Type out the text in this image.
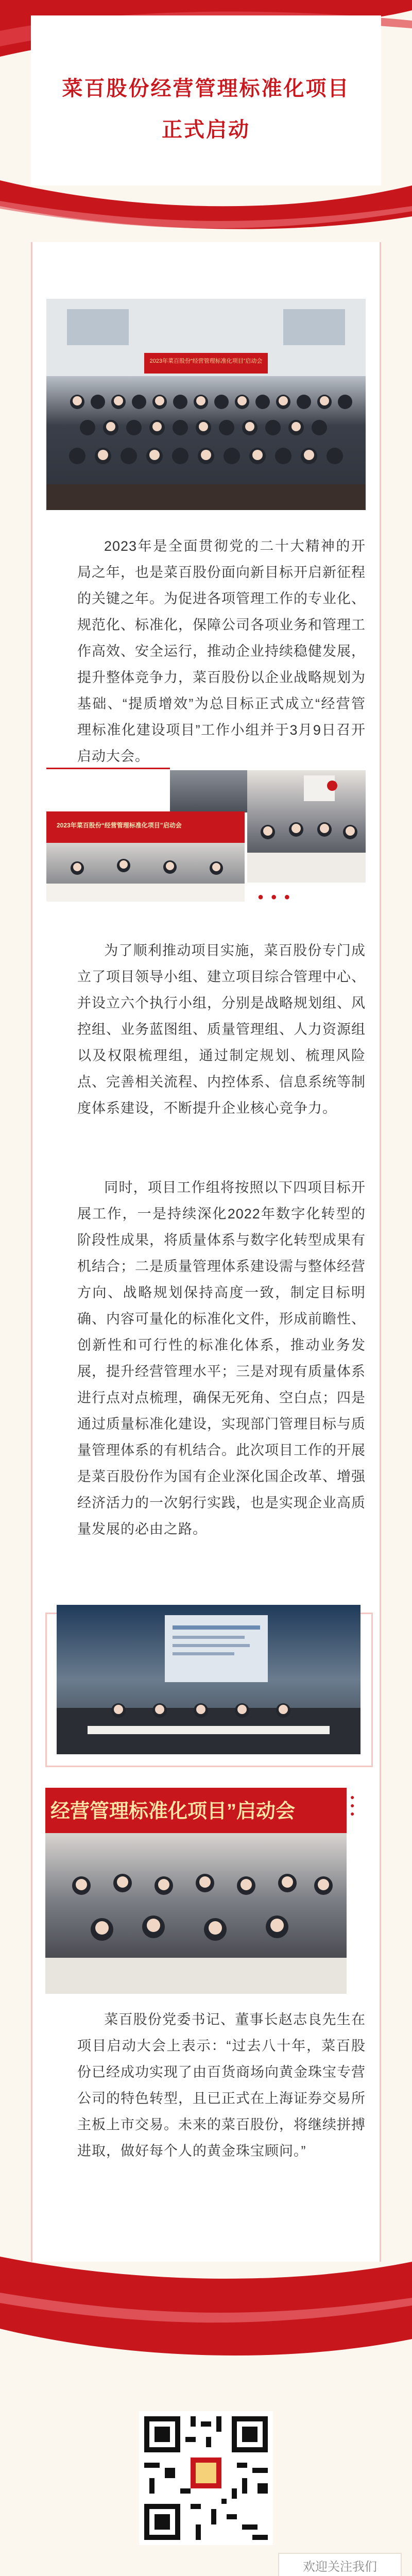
菜百股份经营管理标准化项目
正式启动
2023年菜百股份“经营管理标准化项目”启动会

2023年是全面贯彻党的二十大精神的开局之年，也是菜百股份面向新目标开启新征程的关键之年。为促进各项管理工作的专业化、规范化、标准化，保障公司各项业务和管理工作高效、安全运行，推动企业持续稳健发展，提升整体竞争力，菜百股份以企业战略规划为基础、“提质增效”为总目标正式成立“经营管理标准化建设项目”工作小组并于3月9日召开启动大会。

2023年菜百股份“经营管理标准化项目”启动会
● ● ●

为了顺利推动项目实施，菜百股份专门成立了项目领导小组、建立项目综合管理中心、并设立六个执行小组，分别是战略规划组、风控组、业务蓝图组、质量管理组、人力资源组以及权限梳理组，通过制定规划、梳理风险点、完善相关流程、内控体系、信息系统等制度体系建设，不断提升企业核心竞争力。

同时，项目工作组将按照以下四项目标开展工作，一是持续深化2022年数字化转型的阶段性成果，将质量体系与数字化转型成果有机结合；二是质量管理体系建设需与整体经营方向、战略规划保持高度一致，制定目标明确、内容可量化的标准化文件，形成前瞻性、创新性和可行性的标准化体系，推动业务发展，提升经营管理水平；三是对现有质量体系进行点对点梳理，确保无死角、空白点；四是通过质量标准化建设，实现部门管理目标与质量管理体系的有机结合。此次项目工作的开展是菜百股份作为国有企业深化国企改革、增强经济活力的一次躬行实践，也是实现企业高质量发展的必由之路。

经营管理标准化项目”启动会
●
●
●

菜百股份党委书记、董事长赵志良先生在项目启动大会上表示：“过去八十年，菜百股份已经成功实现了由百货商场向黄金珠宝专营公司的特色转型，且已正式在上海证券交易所主板上市交易。未来的菜百股份，将继续拼搏进取，做好每个人的黄金珠宝顾问。”

欢迎关注我们
